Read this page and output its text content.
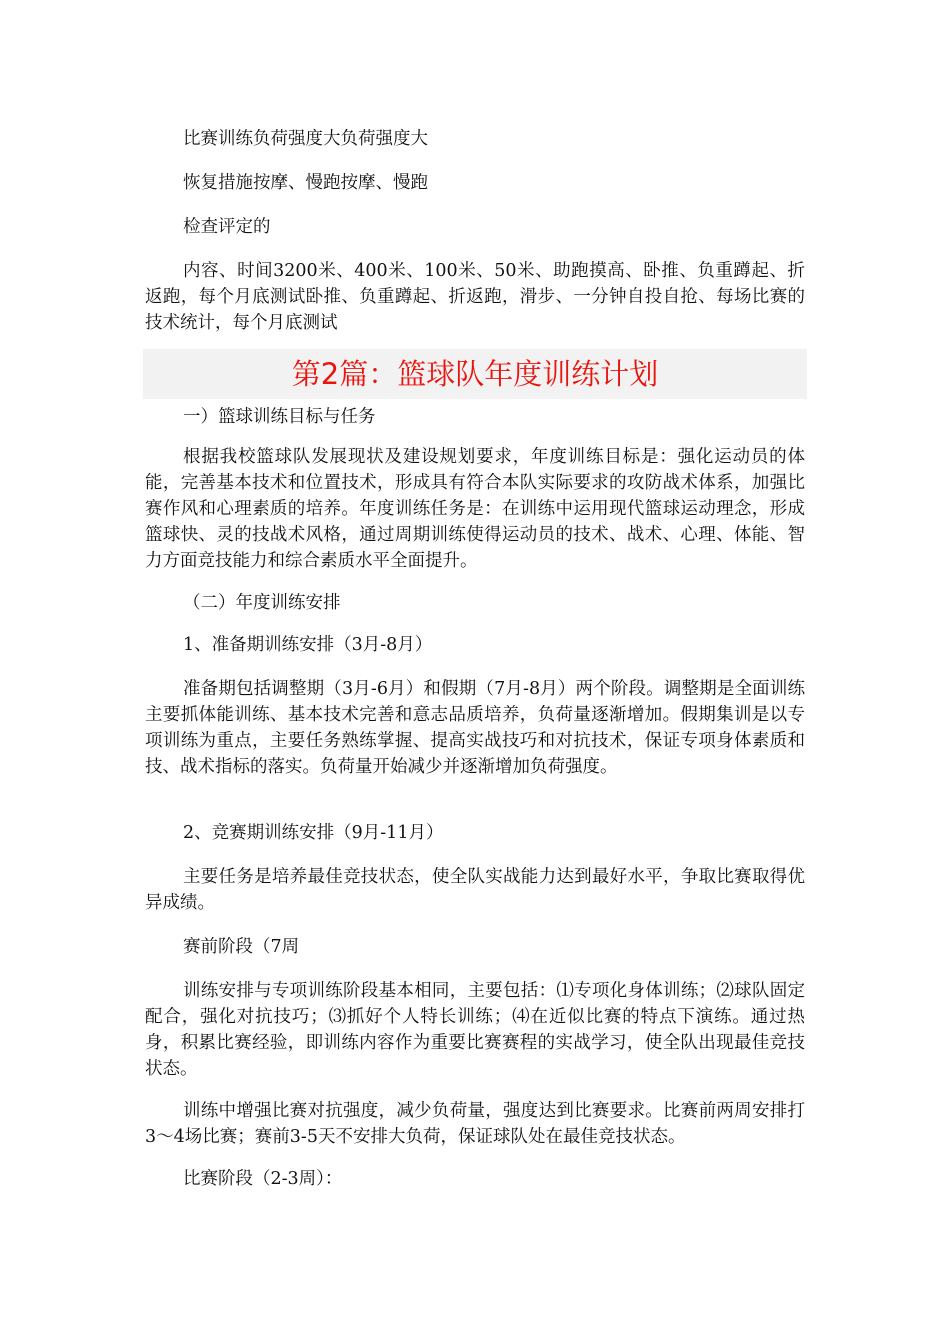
比赛训练负荷强度大负荷强度大

恢复措施按摩、慢跑按摩、慢跑

检查评定的

内容、时间3200米、400米、100米、50米、助跑摸高、卧推、负重蹲起、折返跑，每个月底测试卧推、负重蹲起、折返跑，滑步、一分钟自投自抢、每场比赛的技术统计，每个月底测试

第2篇：篮球队年度训练计划

一）篮球训练目标与任务

根据我校篮球队发展现状及建设规划要求，年度训练目标是：强化运动员的体能，完善基本技术和位置技术，形成具有符合本队实际要求的攻防战术体系，加强比赛作风和心理素质的培养。年度训练任务是：在训练中运用现代篮球运动理念，形成篮球快、灵的技战术风格，通过周期训练使得运动员的技术、战术、心理、体能、智力方面竞技能力和综合素质水平全面提升。

（二）年度训练安排

1、准备期训练安排（3月-8月）

准备期包括调整期（3月-6月）和假期（7月-8月）两个阶段。调整期是全面训练主要抓体能训练、基本技术完善和意志品质培养，负荷量逐渐增加。假期集训是以专项训练为重点，主要任务熟练掌握、提高实战技巧和对抗技术，保证专项身体素质和技、战术指标的落实。负荷量开始减少并逐渐增加负荷强度。

2、竞赛期训练安排（9月-11月）

主要任务是培养最佳竞技状态，使全队实战能力达到最好水平，争取比赛取得优异成绩。

赛前阶段（7周

训练安排与专项训练阶段基本相同，主要包括：⑴专项化身体训练；⑵球队固定配合，强化对抗技巧；⑶抓好个人特长训练；⑷在近似比赛的特点下演练。通过热身，积累比赛经验，即训练内容作为重要比赛赛程的实战学习，使全队出现最佳竞技状态。

训练中增强比赛对抗强度，减少负荷量，强度达到比赛要求。比赛前两周安排打3～4场比赛；赛前3-5天不安排大负荷，保证球队处在最佳竞技状态。

比赛阶段（2-3周）：
